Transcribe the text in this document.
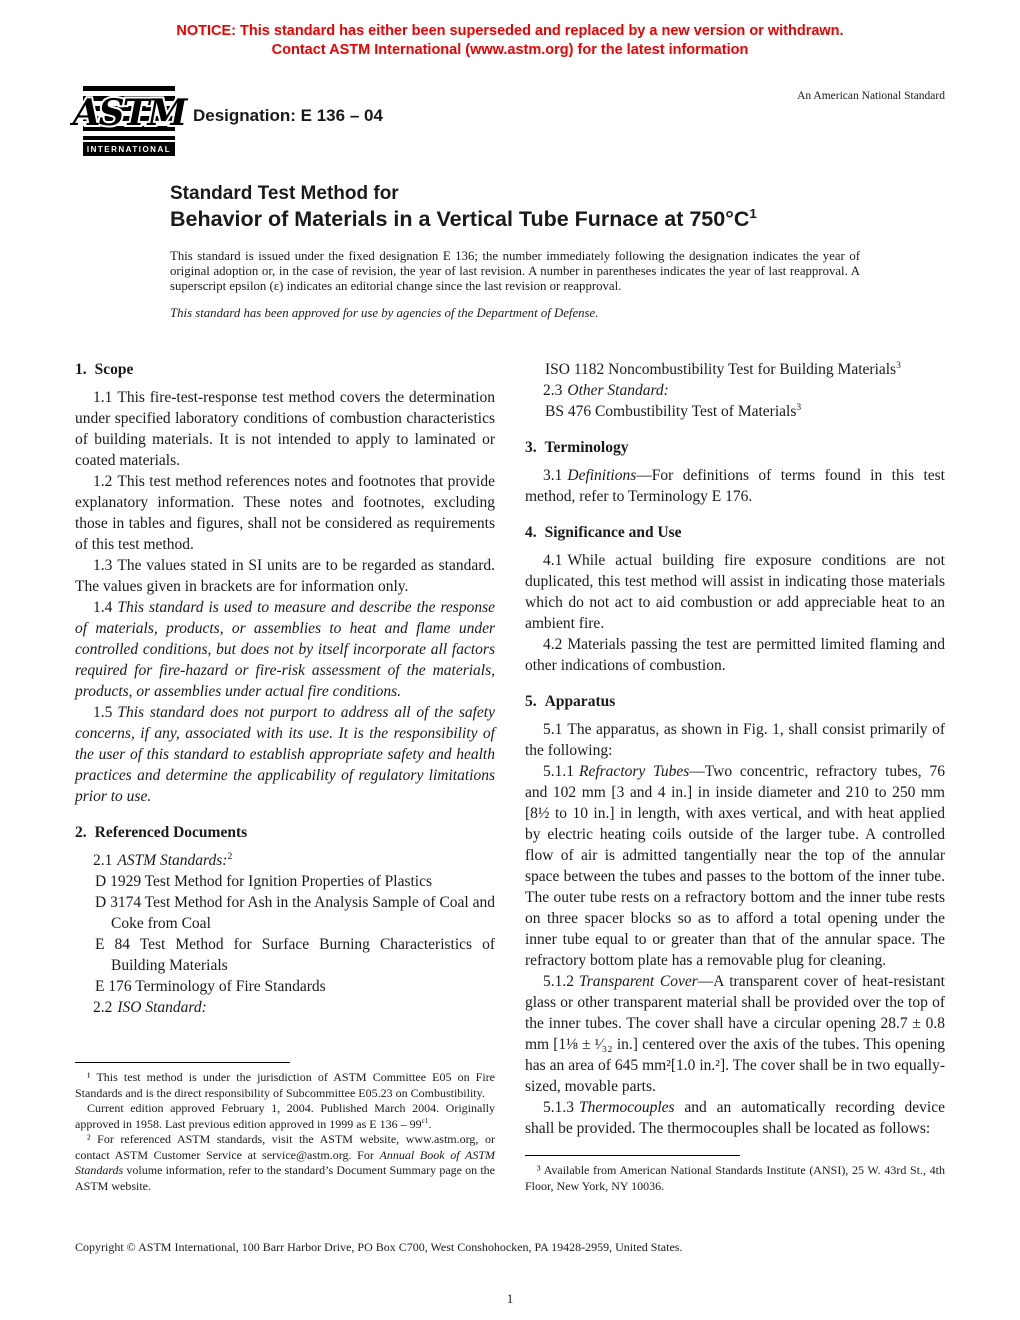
NOTICE: This standard has either been superseded and replaced by a new version or withdrawn.
Contact ASTM International (www.astm.org) for the latest information
ASTM
INTERNATIONAL
Designation: E 136 – 04
An American National Standard
Standard Test Method for
Behavior of Materials in a Vertical Tube Furnace at $750^\circ C^1$

This standard is issued under the fixed designation E 136; the number immediately following the designation indicates the year of original adoption or, in the case of revision, the year of last revision. A number in parentheses indicates the year of last reapproval. A superscript epsilon (ε) indicates an editorial change since the last revision or reapproval.

This standard has been approved for use by agencies of the Department of Defense.

1. Scope

1.1 This fire-test-response test method covers the determination under specified laboratory conditions of combustion characteristics of building materials. It is not intended to apply to laminated or coated materials.

1.2 This test method references notes and footnotes that provide explanatory information. These notes and footnotes, excluding those in tables and figures, shall not be considered as requirements of this test method.

1.3 The values stated in SI units are to be regarded as standard. The values given in brackets are for information only.

1.4 This standard is used to measure and describe the response of materials, products, or assemblies to heat and flame under controlled conditions, but does not by itself incorporate all factors required for fire-hazard or fire-risk assessment of the materials, products, or assemblies under actual fire conditions.

1.5 This standard does not purport to address all of the safety concerns, if any, associated with its use. It is the responsibility of the user of this standard to establish appropriate safety and health practices and determine the applicability of regulatory limitations prior to use.

2. Referenced Documents

2.1 ASTM Standards:$^2$

D 1929 Test Method for Ignition Properties of Plastics

D 3174 Test Method for Ash in the Analysis Sample of Coal and Coke from Coal

E 84 Test Method for Surface Burning Characteristics of Building Materials

E 176 Terminology of Fire Standards

2.2 ISO Standard:

¹ This test method is under the jurisdiction of ASTM Committee E05 on Fire Standards and is the direct responsibility of Subcommittee E05.23 on Combustibility.

Current edition approved February 1, 2004. Published March 2004. Originally approved in 1958. Last previous edition approved in 1999 as E $136 - 99^{\varepsilon 1}$.

² For referenced ASTM standards, visit the ASTM website, www.astm.org, or contact ASTM Customer Service at service@astm.org. For Annual Book of ASTM Standards volume information, refer to the standard’s Document Summary page on the ASTM website.

ISO 1182 Noncombustibility Test for Building Materials$^3$

2.3 Other Standard:

BS 476 Combustibility Test of Materials$^3$

3. Terminology

3.1 Definitions—For definitions of terms found in this test method, refer to Terminology E 176.

4. Significance and Use

4.1 While actual building fire exposure conditions are not duplicated, this test method will assist in indicating those materials which do not act to aid combustion or add appreciable heat to an ambient fire.

4.2 Materials passing the test are permitted limited flaming and other indications of combustion.

5. Apparatus

5.1 The apparatus, as shown in Fig. 1, shall consist primarily of the following:

5.1.1 Refractory Tubes—Two concentric, refractory tubes, 76 and 102 mm [3 and 4 in.] in inside diameter and 210 to 250 mm [8½ to 10 in.] in length, with axes vertical, and with heat applied by electric heating coils outside of the larger tube. A controlled flow of air is admitted tangentially near the top of the annular space between the tubes and passes to the bottom of the inner tube. The outer tube rests on a refractory bottom and the inner tube rests on three spacer blocks so as to afford a total opening under the inner tube equal to or greater than that of the annular space. The refractory bottom plate has a removable plug for cleaning.

5.1.2 Transparent Cover—A transparent cover of heat-resistant glass or other transparent material shall be provided over the top of the inner tubes. The cover shall have a circular opening 28.7 ± 0.8 mm [1⅛ ± ¹⁄₃₂ in.] centered over the axis of the tubes. This opening has an area of 645 mm²[1.0 in.²]. The cover shall be in two equally-sized, movable parts.

5.1.3 Thermocouples and an automatically recording device shall be provided. The thermocouples shall be located as follows:

³ Available from American National Standards Institute (ANSI), 25 W. 43rd St., 4th Floor, New York, NY 10036.

Copyright © ASTM International, 100 Barr Harbor Drive, PO Box C700, West Conshohocken, PA 19428-2959, United States.
1
